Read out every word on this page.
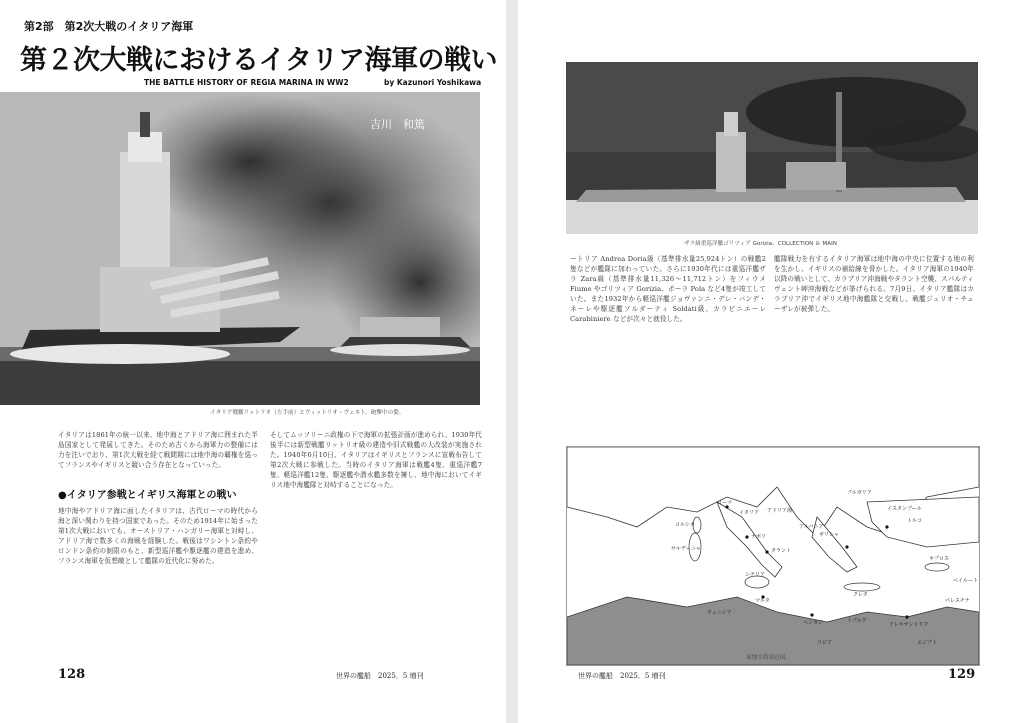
第2部　第2次大戦のイタリア海軍
第２次大戦におけるイタリア海軍の戦い
THE BATTLE HISTORY OF REGIA MARINA IN WW2	by Kazunori Yoshikawa
吉川　和篤
イタリア戦艦リットリオ（左手前）とヴィットリオ・ヴェネト。砲撃中の姿。
イタリアは1861年の統一以来、地中海とアドリア海に囲まれた半島国家として発展してきた。そのため古くから海軍力の整備には力を注いでおり、第1次大戦を経て戦間期には地中海の覇権を巡ってフランスやイギリスと競い合う存在となっていった。
●イタリア参戦とイギリス海軍との戦い
地中海やアドリア海に面したイタリアは、古代ローマの時代から海と深い関わりを持つ国家であった。そのため1914年に始まった第1次大戦においても、オーストリア・ハンガリー海軍と対峙し、アドリア海で数多くの海戦を経験した。戦後はワシントン条約やロンドン条約の制限のもと、新型巡洋艦や駆逐艦の建造を進め、フランス海軍を仮想敵として艦隊の近代化に努めた。
そしてムッソリーニ政権の下で海軍の拡張計画が進められ、1930年代後半には新型戦艦リットリオ級の建造や旧式戦艦の大改装が実施された。1940年6月10日、イタリアはイギリスとフランスに宣戦布告して第2次大戦に参戦した。当時のイタリア海軍は戦艦4隻、重巡洋艦7隻、軽巡洋艦12隻、駆逐艦や潜水艦多数を擁し、地中海においてイギリス地中海艦隊と対峙することになった。
128	世界の艦船　2025．5 増刊
ザラ級重巡洋艦ゴリツィア Gorizia。COLLECTION ＆ MAIN
ートリア Andrea Doria級（基準排水量25,924トン）の戦艦2隻などが艦隊に加わっていた。さらに1930年代には重巡洋艦ザラ Zara級（基準排水量11,326〜11,712トン）をフィウメ Fiume やゴリツィア Gorizia、ポーラ Pola など4隻が竣工していた。また1932年から軽巡洋艦ジョヴァンニ・デレ・バンデ・ネーレや駆逐艦ソルダーティ Soldati級、カラビニエーレ Carabiniere などが次々と就役した。
艦隊戦力を有するイタリア海軍は地中海の中央に位置する地の利を生かし、イギリスの補給線を脅かした。イタリア海軍の1940年以降の戦いとして、カラブリア沖海戦やタラント空襲、スパルティヴェント岬沖海戦などが挙げられる。7月9日、イタリア艦隊はカラブリア沖でイギリス地中海艦隊と交戦し、戦艦ジュリオ・チェーザレが被弾した。
イタリア
ローマ
ナポリ
タラント
シチリア
マルタ
クレタ
ギリシャ
トルコ
キプロス
アレキサンドリア
エジプト
リビア
トブルク
ベンガジ
チュニジア
サルデーニャ
コルシカ
アドリア海
アルバニア
ブルガリア
イスタンブール
ベイルート
パレスチナ
東地中海周辺図。
世界の艦船　2025．5 増刊	129
